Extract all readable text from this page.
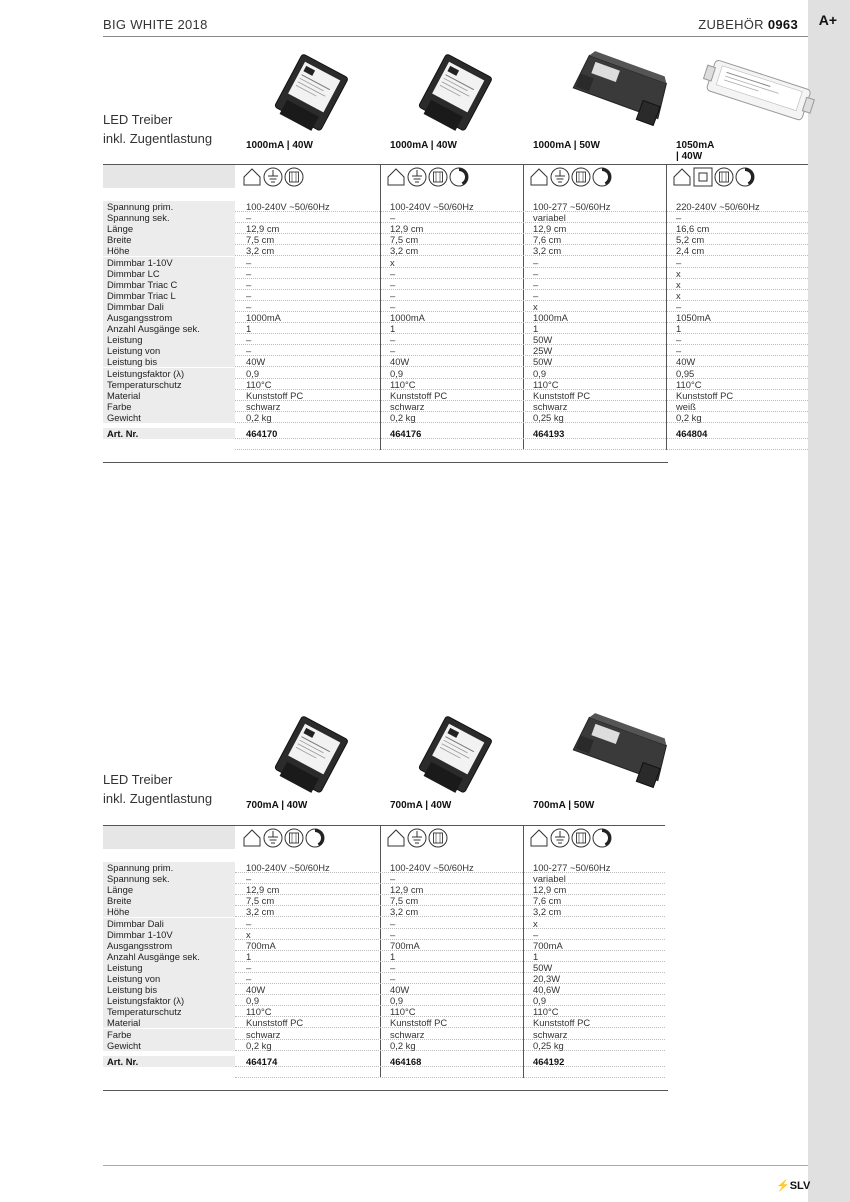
A+
BIG WHITE 2018	ZUBEHÖR 0963
LED Treiber
inkl. Zugentlastung	1000mA | 40W	1000mA | 40W	1000mA | 50W	1050mA | 40W
Spannung prim.	100-240V ~50/60Hz	100-240V ~50/60Hz	100-277 ~50/60Hz	220-240V ~50/60Hz
Spannung sek.	–	–	variabel	–
Länge	12,9 cm	12,9 cm	12,9 cm	16,6 cm
Breite	7,5 cm	7,5 cm	7,6 cm	5,2 cm
Höhe	3,2 cm	3,2 cm	3,2 cm	2,4 cm
Dimmbar 1-10V	–	x	–	–
Dimmbar LC	–	–	–	x
Dimmbar Triac C	–	–	–	x
Dimmbar Triac L	–	–	–	x
Dimmbar Dali	–	–	x	–
Ausgangsstrom	1000mA	1000mA	1000mA	1050mA
Anzahl Ausgänge sek.	1	1	1	1
Leistung	–	–	50W	–
Leistung von	–	–	25W	–
Leistung bis	40W	40W	50W	40W
Leistungsfaktor (λ)	0,9	0,9	0,9	0,95
Temperaturschutz	110°C	110°C	110°C	110°C
Material	Kunststoff PC	Kunststoff PC	Kunststoff PC	Kunststoff PC
Farbe	schwarz	schwarz	schwarz	weiß
Gewicht	0,2 kg	0,2 kg	0,25 kg	0,2 kg
Art. Nr.	464170	464176	464193	464804
LED Treiber
inkl. Zugentlastung	700mA | 40W	700mA | 40W	700mA | 50W
Spannung prim.	100-240V ~50/60Hz	100-240V ~50/60Hz	100-277 ~50/60Hz
Spannung sek.	–	–	variabel
Länge	12,9 cm	12,9 cm	12,9 cm
Breite	7,5 cm	7,5 cm	7,6 cm
Höhe	3,2 cm	3,2 cm	3,2 cm
Dimmbar Dali	–	–	x
Dimmbar 1-10V	x	–	–
Ausgangsstrom	700mA	700mA	700mA
Anzahl Ausgänge sek.	1	1	1
Leistung	–	–	50W
Leistung von	–	–	20,3W
Leistung bis	40W	40W	40,6W
Leistungsfaktor (λ)	0,9	0,9	0,9
Temperaturschutz	110°C	110°C	110°C
Material	Kunststoff PC	Kunststoff PC	Kunststoff PC
Farbe	schwarz	schwarz	schwarz
Gewicht	0,2 kg	0,2 kg	0,25 kg
Art. Nr.	464174	464168	464192
⚡SLV
